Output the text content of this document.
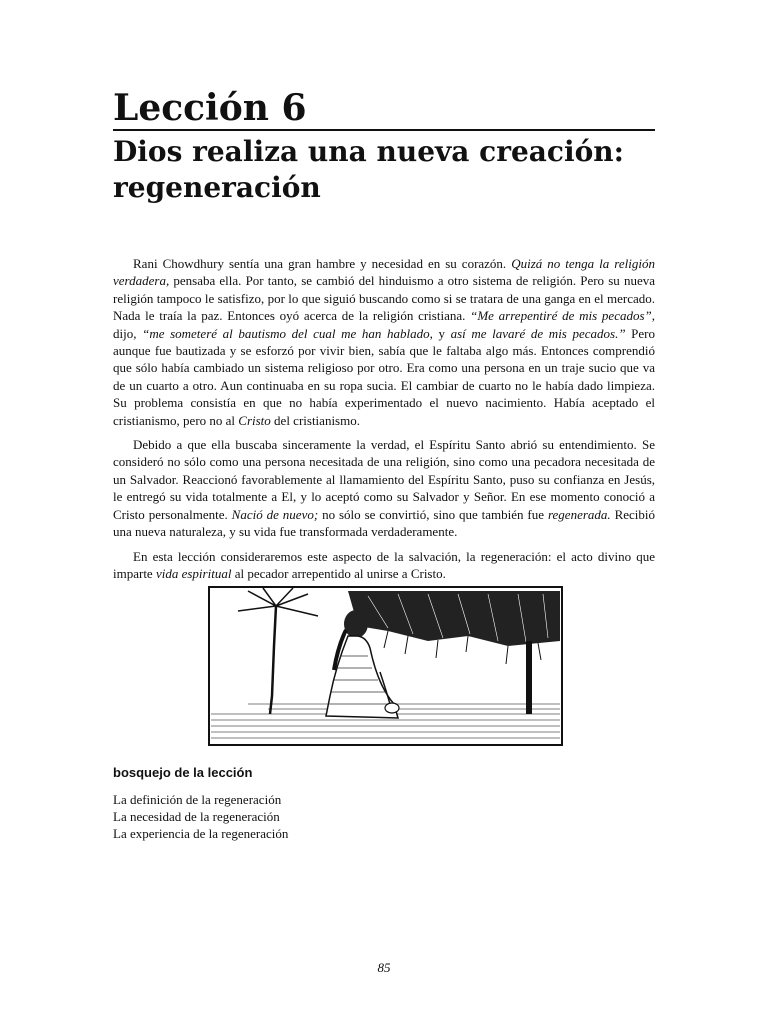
Lección 6
Dios realiza una nueva creación: regeneración

Rani Chowdhury sentía una gran hambre y necesidad en su corazón. Quizá no tenga la religión verdadera, pensaba ella. Por tanto, se cambió del hinduismo a otro sistema de religión. Pero su nueva religión tampoco le satisfizo, por lo que siguió buscando como si se tratara de una ganga en el mercado. Nada le traía la paz. Entonces oyó acerca de la religión cristiana. “Me arrepentiré de mis pecados”, dijo, “me someteré al bautismo del cual me han hablado, y así me lavaré de mis pecados.” Pero aunque fue bautizada y se esforzó por vivir bien, sabía que le faltaba algo más. Entonces comprendió que sólo había cambiado un sistema religioso por otro. Era como una persona en un traje sucio que va de un cuarto a otro. Aun continuaba en su ropa sucia. El cambiar de cuarto no le había dado limpieza. Su problema consistía en que no había experimentado el nuevo nacimiento. Había aceptado el cristianismo, pero no al Cristo del cristianismo.

Debido a que ella buscaba sinceramente la verdad, el Espíritu Santo abrió su entendimiento. Se consideró no sólo como una persona necesitada de una religión, sino como una pecadora necesitada de un Salvador. Reaccionó favorablemente al llamamiento del Espíritu Santo, puso su confianza en Jesús, le entregó su vida totalmente a El, y lo aceptó como su Salvador y Señor. En ese momento conoció a Cristo personalmente. Nació de nuevo; no sólo se convirtió, sino que también fue regenerada. Recibió una nueva naturaleza, y su vida fue transformada verdaderamente.

En esta lección consideraremos este aspecto de la salvación, la regeneración: el acto divino que imparte vida espiritual al pecador arrepentido al unirse a Cristo.

bosquejo de la lección
La definición de la regeneración
La necesidad de la regeneración
La experiencia de la regeneración
85
